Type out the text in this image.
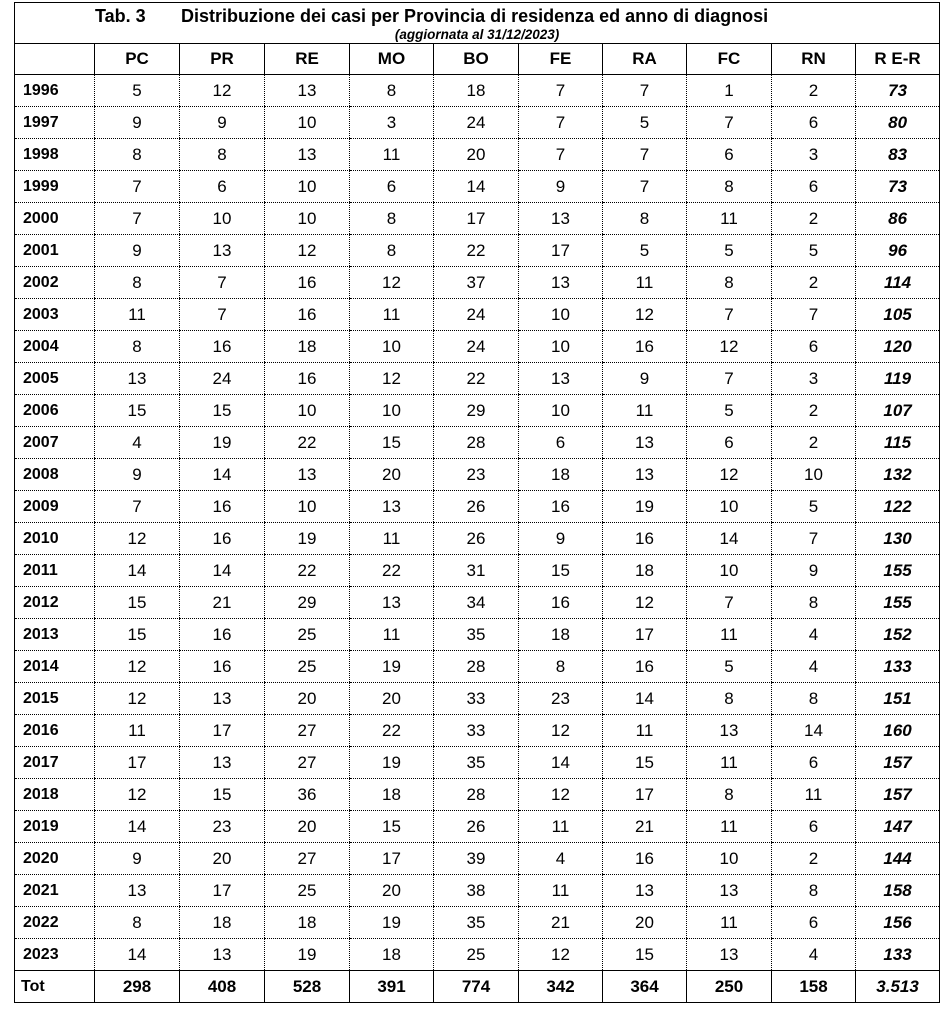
Tab. 3 Distribuzione dei casi per Provincia di residenza ed anno di diagnosi
(aggiornata al 31/12/2023)										

	PC	PR	RE	MO	BO	FE	RA	FC	RN	R E-R
1996	5	12	13	8	18	7	7	1	2	73
1997	9	9	10	3	24	7	5	7	6	80
1998	8	8	13	11	20	7	7	6	3	83
1999	7	6	10	6	14	9	7	8	6	73
2000	7	10	10	8	17	13	8	11	2	86
2001	9	13	12	8	22	17	5	5	5	96
2002	8	7	16	12	37	13	11	8	2	114
2003	11	7	16	11	24	10	12	7	7	105
2004	8	16	18	10	24	10	16	12	6	120
2005	13	24	16	12	22	13	9	7	3	119
2006	15	15	10	10	29	10	11	5	2	107
2007	4	19	22	15	28	6	13	6	2	115
2008	9	14	13	20	23	18	13	12	10	132
2009	7	16	10	13	26	16	19	10	5	122
2010	12	16	19	11	26	9	16	14	7	130
2011	14	14	22	22	31	15	18	10	9	155
2012	15	21	29	13	34	16	12	7	8	155
2013	15	16	25	11	35	18	17	11	4	152
2014	12	16	25	19	28	8	16	5	4	133
2015	12	13	20	20	33	23	14	8	8	151
2016	11	17	27	22	33	12	11	13	14	160
2017	17	13	27	19	35	14	15	11	6	157
2018	12	15	36	18	28	12	17	8	11	157
2019	14	23	20	15	26	11	21	11	6	147
2020	9	20	27	17	39	4	16	10	2	144
2021	13	17	25	20	38	11	13	13	8	158
2022	8	18	18	19	35	21	20	11	6	156
2023	14	13	19	18	25	12	15	13	4	133
Tot	298	408	528	391	774	342	364	250	158	3.513
